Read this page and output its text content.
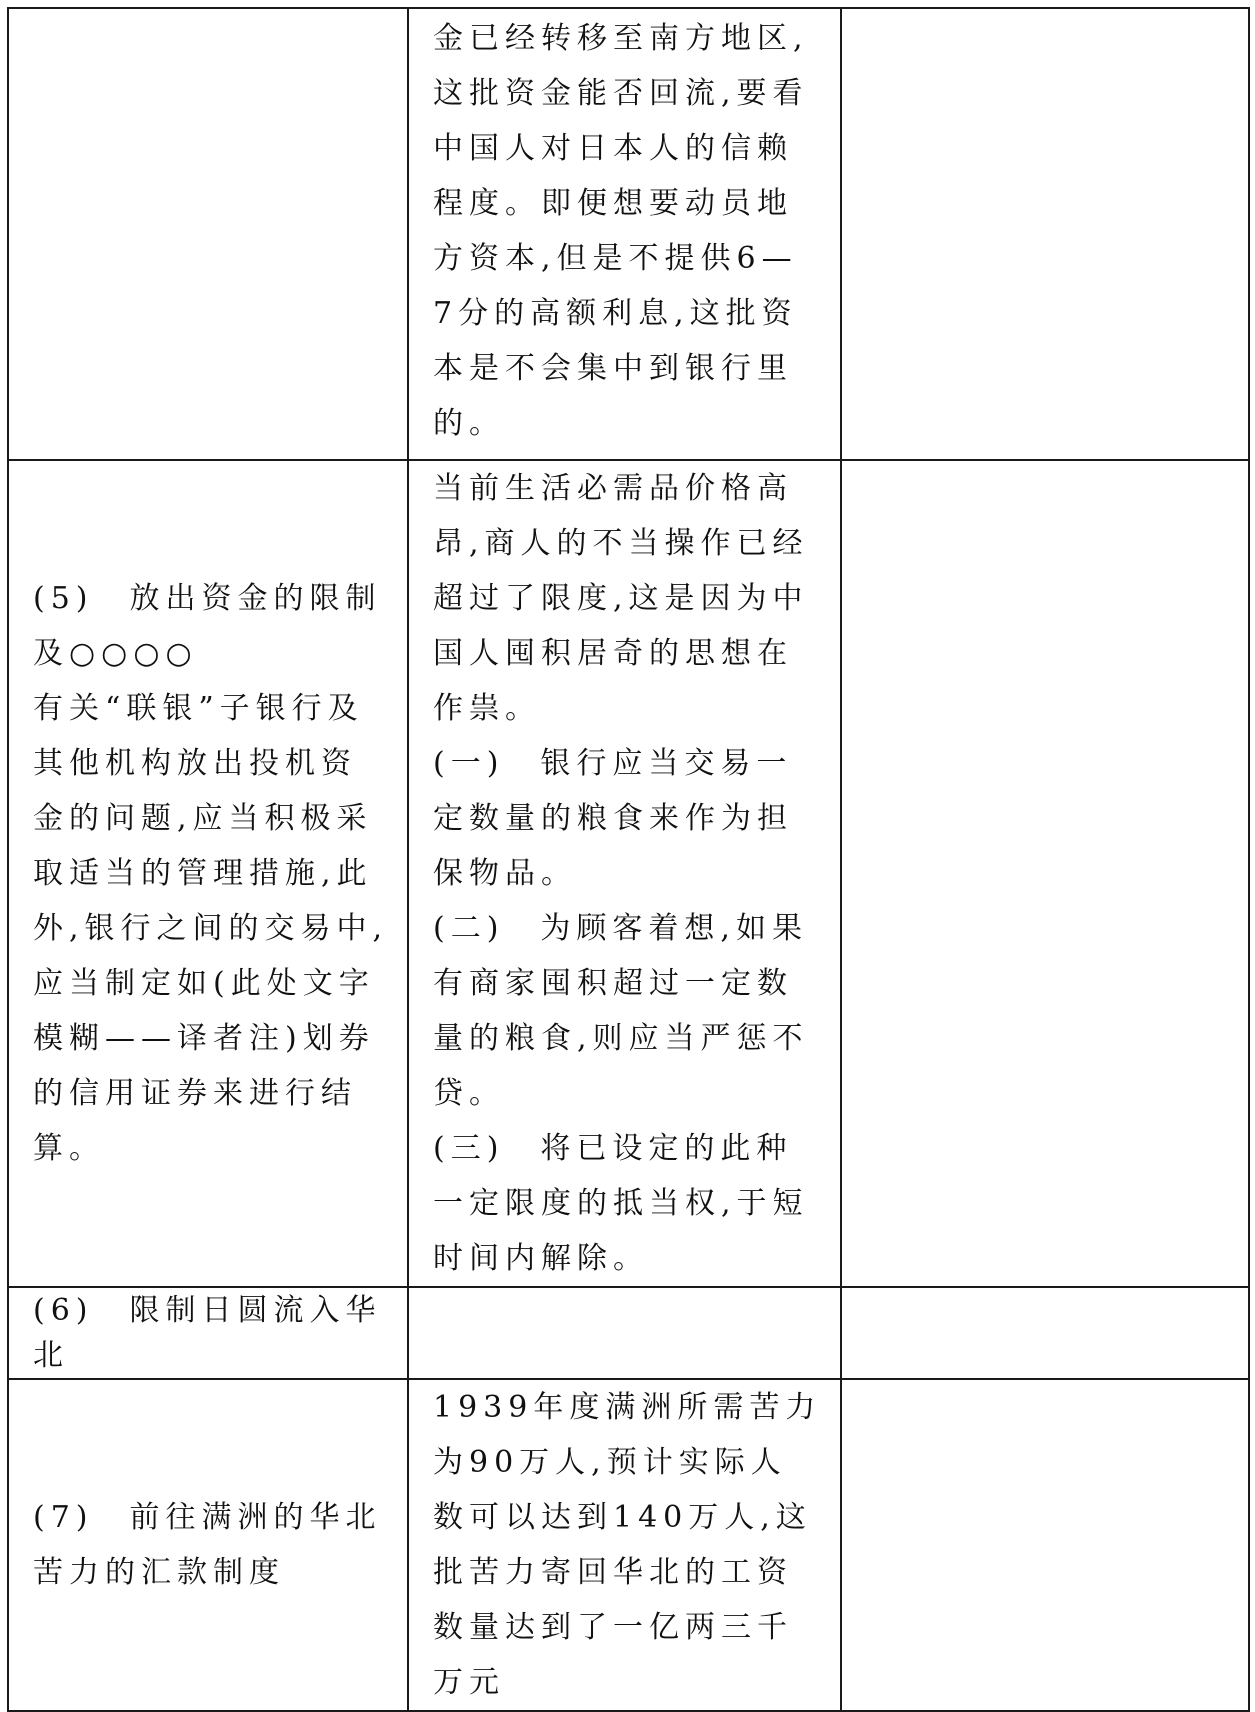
	金已经转移至南方地区,这批资金能否回流,要看中国人对日本人的信赖程度。即便想要动员地方资本,但是不提供6—7分的高额利息,这批资本是不会集中到银行里的。	

(5)　放出资金的限制及○○○○
有关“联银”子银行及其他机构放出投机资金的问题,应当积极采取适当的管理措施,此外,银行之间的交易中,应当制定如(此处文字模糊——译者注)划券的信用证券来进行结算。	当前生活必需品价格高昂,商人的不当操作已经超过了限度,这是因为中国人囤积居奇的思想在作祟。
(一)　银行应当交易一定数量的粮食来作为担保物品。
(二)　为顾客着想,如果有商家囤积超过一定数量的粮食,则应当严惩不贷。
(三)　将已设定的此种一定限度的抵当权,于短时间内解除。	

(6)　限制日圆流入华北		

(7)　前往满洲的华北苦力的汇款制度	1939年度满洲所需苦力为90万人,预计实际人数可以达到140万人,这批苦力寄回华北的工资数量达到了一亿两三千万元	
